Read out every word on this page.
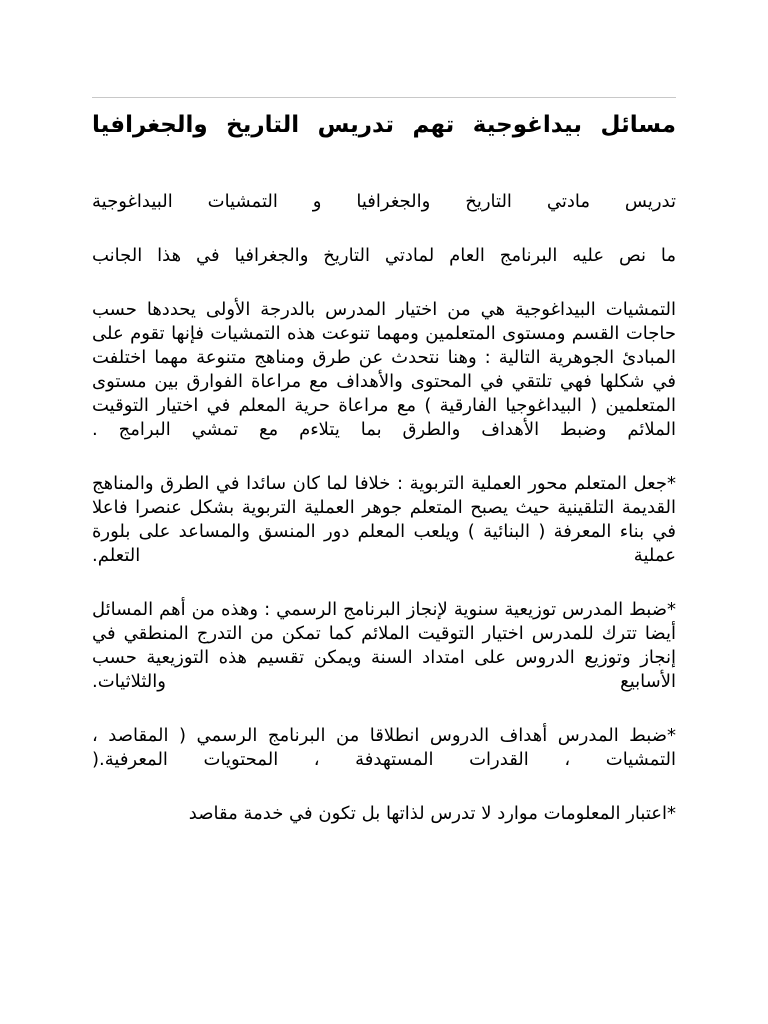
مسائل بيداغوجية تهم تدريس التاريخ والجغرافيا

تدريس مادتي التاريخ والجغرافيا و التمشيات البيداغوجية

ما نص عليه البرنامج العام لمادتي التاريخ والجغرافيا في هذا الجانب

التمشيات البيداغوجية هي من اختيار المدرس بالدرجة الأولى يحددها حسب حاجات القسم ومستوى المتعلمين ومهما تنوعت هذه التمشيات فإنها تقوم على المبادئ الجوهرية التالية : وهنا نتحدث عن طرق ومناهج متنوعة مهما اختلفت في شكلها فهي تلتقي في المحتوى والأهداف مع مراعاة الفوارق بين مستوى المتعلمين ( البيداغوجيا الفارقية ) مع مراعاة حرية المعلم في اختيار التوقيت الملائم وضبط الأهداف والطرق بما يتلاءم مع تمشي البرامج .

*جعل المتعلم محور العملية التربوية : خلافا لما كان سائدا في الطرق والمناهج القديمة التلقينية حيث يصبح المتعلم جوهر العملية التربوية بشكل عنصرا فاعلا في بناء المعرفة ( البنائية ) ويلعب المعلم دور المنسق والمساعد على بلورة عملية التعلم.

*ضبط المدرس توزيعية سنوية لإنجاز البرنامج الرسمي : وهذه من أهم المسائل أيضا تترك للمدرس اختيار التوقيت الملائم كما تمكن من التدرج المنطقي في إنجاز وتوزيع الدروس على امتداد السنة ويمكن تقسيم هذه التوزيعية حسب الأسابيع والثلاثيات.

*ضبط المدرس أهداف الدروس انطلاقا من البرنامج الرسمي ( المقاصد ، التمشيات ، القدرات المستهدفة ، المحتويات المعرفية.(

*اعتبار المعلومات موارد لا تدرس لذاتها بل تكون في خدمة مقاصد
